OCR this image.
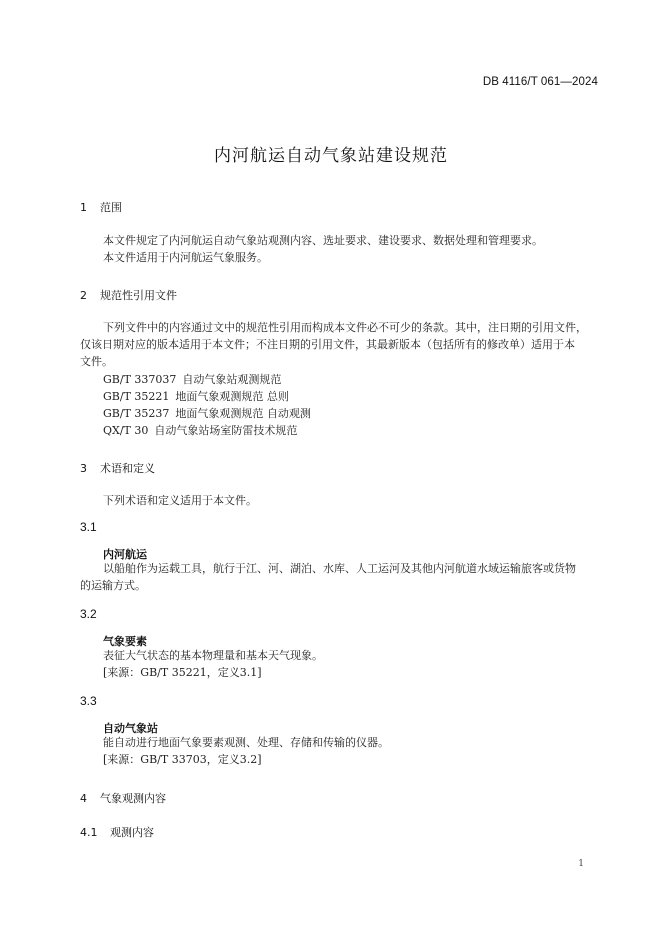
DB 4116/T 061—2024
内河航运自动气象站建设规范
1 范围
本文件规定了内河航运自动气象站观测内容、选址要求、建设要求、数据处理和管理要求。
本文件适用于内河航运气象服务。
2 规范性引用文件
下列文件中的内容通过文中的规范性引用而构成本文件必不可少的条款。其中，注日期的引用文件，
仅该日期对应的版本适用于本文件；不注日期的引用文件，其最新版本（包括所有的修改单）适用于本
文件。
GB/T 337037 自动气象站观测规范
GB/T 35221 地面气象观测规范 总则
GB/T 35237 地面气象观测规范 自动观测
QX/T 30 自动气象站场室防雷技术规范
3 术语和定义
下列术语和定义适用于本文件。
3.1
内河航运
以船舶作为运载工具，航行于江、河、湖泊、水库、人工运河及其他内河航道水域运输旅客或货物
的运输方式。
3.2
气象要素
表征大气状态的基本物理量和基本天气现象。
[来源：GB/T 35221，定义3.1]
3.3
自动气象站
能自动进行地面气象要素观测、处理、存储和传输的仪器。
[来源：GB/T 33703，定义3.2]
4 气象观测内容
4.1 观测内容
1
